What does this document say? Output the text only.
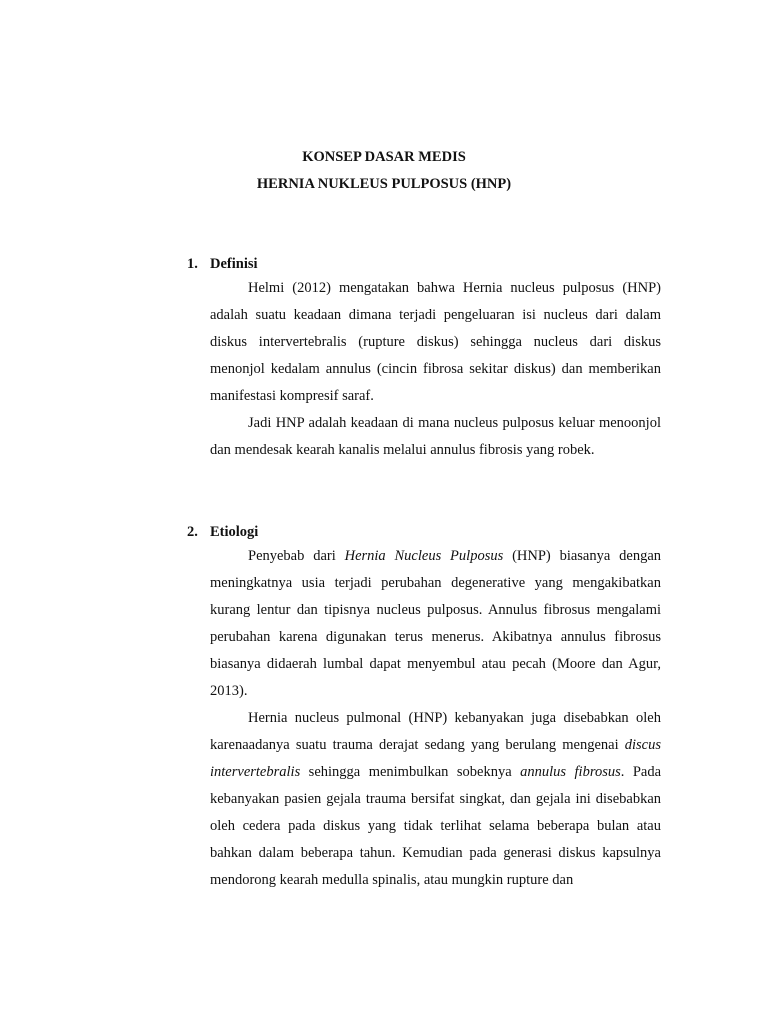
KONSEP DASAR MEDIS
HERNIA NUKLEUS PULPOSUS (HNP)
1. Definisi

Helmi (2012) mengatakan bahwa Hernia nucleus pulposus (HNP) adalah suatu keadaan dimana terjadi pengeluaran isi nucleus dari dalam diskus intervertebralis (rupture diskus) sehingga nucleus dari diskus menonjol kedalam annulus (cincin fibrosa sekitar diskus) dan memberikan manifestasi kompresif saraf.

Jadi HNP adalah keadaan di mana nucleus pulposus keluar menoonjol dan mendesak kearah kanalis melalui annulus fibrosis yang robek.

2. Etiologi

Penyebab dari Hernia Nucleus Pulposus (HNP) biasanya dengan meningkatnya usia terjadi perubahan degenerative yang mengakibatkan kurang lentur dan tipisnya nucleus pulposus. Annulus fibrosus mengalami perubahan karena digunakan terus menerus. Akibatnya annulus fibrosus biasanya didaerah lumbal dapat menyembul atau pecah (Moore dan Agur, 2013).

Hernia nucleus pulmonal (HNP) kebanyakan juga disebabkan oleh karenaadanya suatu trauma derajat sedang yang berulang mengenai discus intervertebralis sehingga menimbulkan sobeknya annulus fibrosus. Pada kebanyakan pasien gejala trauma bersifat singkat, dan gejala ini disebabkan oleh cedera pada diskus yang tidak terlihat selama beberapa bulan atau bahkan dalam beberapa tahun. Kemudian pada generasi diskus kapsulnya mendorong kearah medulla spinalis, atau mungkin rupture dan
